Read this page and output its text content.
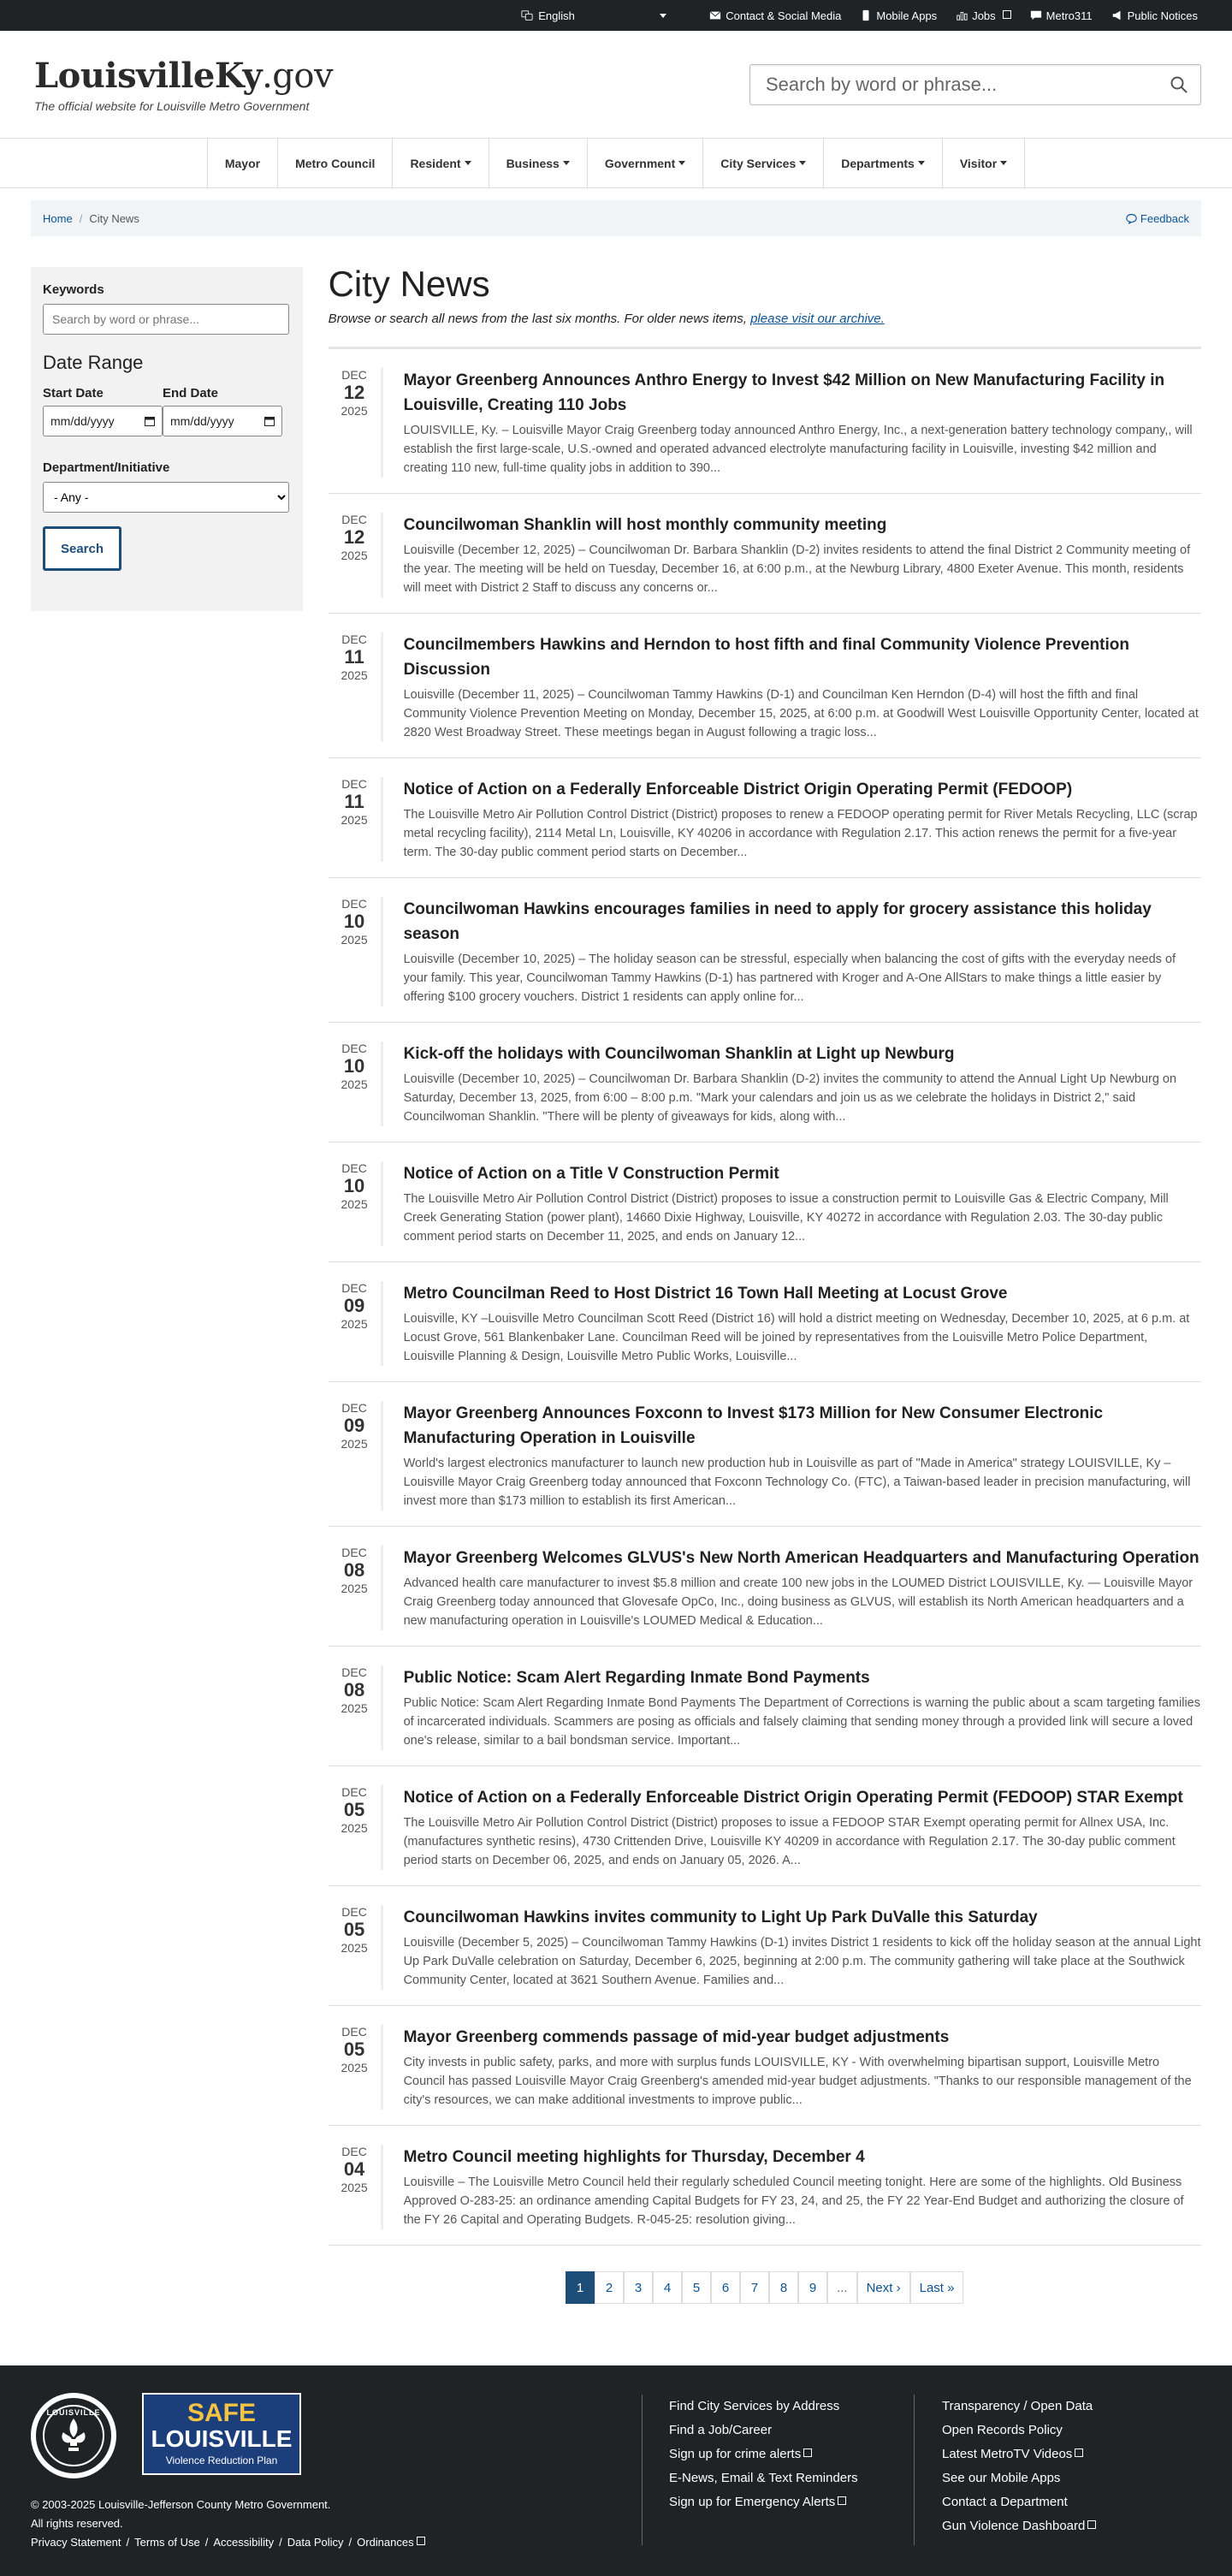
English	Contact & Social Media	Mobile Apps	Jobs	Metro311	Public Notices
LouisvilleKy.gov
The official website for Louisville Metro Government
Search by word or phrase...
Mayor	Metro Council	Resident	Business	Government	City Services	Departments	Visitor
Home / City News	Feedback
Keywords
Search by word or phrase...
Date Range
Start Date
mm/dd/yyyy
End Date
mm/dd/yyyy
Department/Initiative
- Any - Search
City News
Browse or search all news from the last six months. For older news items, please visit our archive.
DEC
12
2025
Mayor Greenberg Announces Anthro Energy to Invest $42 Million on New Manufacturing Facility in Louisville, Creating 110 Jobs

LOUISVILLE, Ky. – Louisville Mayor Craig Greenberg today announced Anthro Energy, Inc., a next-generation battery technology company,, will establish the first large-scale, U.S.-owned and operated advanced electrolyte manufacturing facility in Louisville, investing $42 million and creating 110 new, full-time quality jobs in addition to 390...

DEC
12
2025
Councilwoman Shanklin will host monthly community meeting

Louisville (December 12, 2025) – Councilwoman Dr. Barbara Shanklin (D-2) invites residents to attend the final District 2 Community meeting of the year. The meeting will be held on Tuesday, December 16, at 6:00 p.m., at the Newburg Library, 4800 Exeter Avenue. This month, residents will meet with District 2 Staff to discuss any concerns or...

DEC
11
2025
Councilmembers Hawkins and Herndon to host fifth and final Community Violence Prevention Discussion

Louisville (December 11, 2025) – Councilwoman Tammy Hawkins (D-1) and Councilman Ken Herndon (D-4) will host the fifth and final Community Violence Prevention Meeting on Monday, December 15, 2025, at 6:00 p.m. at Goodwill West Louisville Opportunity Center, located at 2820 West Broadway Street. These meetings began in August following a tragic loss...

DEC
11
2025
Notice of Action on a Federally Enforceable District Origin Operating Permit (FEDOOP)

The Louisville Metro Air Pollution Control District (District) proposes to renew a FEDOOP operating permit for River Metals Recycling, LLC (scrap metal recycling facility), 2114 Metal Ln, Louisville, KY 40206 in accordance with Regulation 2.17. This action renews the permit for a five-year term. The 30-day public comment period starts on December...

DEC
10
2025
Councilwoman Hawkins encourages families in need to apply for grocery assistance this holiday season

Louisville (December 10, 2025) – The holiday season can be stressful, especially when balancing the cost of gifts with the everyday needs of your family. This year, Councilwoman Tammy Hawkins (D-1) has partnered with Kroger and A-One AllStars to make things a little easier by offering $100 grocery vouchers. District 1 residents can apply online for...

DEC
10
2025
Kick-off the holidays with Councilwoman Shanklin at Light up Newburg

Louisville (December 10, 2025) – Councilwoman Dr. Barbara Shanklin (D-2) invites the community to attend the Annual Light Up Newburg on Saturday, December 13, 2025, from 6:00 – 8:00 p.m. "Mark your calendars and join us as we celebrate the holidays in District 2," said Councilwoman Shanklin. "There will be plenty of giveaways for kids, along with...

DEC
10
2025
Notice of Action on a Title V Construction Permit

The Louisville Metro Air Pollution Control District (District) proposes to issue a construction permit to Louisville Gas & Electric Company, Mill Creek Generating Station (power plant), 14660 Dixie Highway, Louisville, KY 40272 in accordance with Regulation 2.03. The 30-day public comment period starts on December 11, 2025, and ends on January 12...

DEC
09
2025
Metro Councilman Reed to Host District 16 Town Hall Meeting at Locust Grove

Louisville, KY –Louisville Metro Councilman Scott Reed (District 16) will hold a district meeting on Wednesday, December 10, 2025, at 6 p.m. at Locust Grove, 561 Blankenbaker Lane. Councilman Reed will be joined by representatives from the Louisville Metro Police Department, Louisville Planning & Design, Louisville Metro Public Works, Louisville...

DEC
09
2025
Mayor Greenberg Announces Foxconn to Invest $173 Million for New Consumer Electronic Manufacturing Operation in Louisville

World's largest electronics manufacturer to launch new production hub in Louisville as part of "Made in America" strategy LOUISVILLE, Ky – Louisville Mayor Craig Greenberg today announced that Foxconn Technology Co. (FTC), a Taiwan-based leader in precision manufacturing, will invest more than $173 million to establish its first American...

DEC
08
2025
Mayor Greenberg Welcomes GLVUS's New North American Headquarters and Manufacturing Operation

Advanced health care manufacturer to invest $5.8 million and create 100 new jobs in the LOUMED District LOUISVILLE, Ky. — Louisville Mayor Craig Greenberg today announced that Glovesafe OpCo, Inc., doing business as GLVUS, will establish its North American headquarters and a new manufacturing operation in Louisville's LOUMED Medical & Education...

DEC
08
2025
Public Notice: Scam Alert Regarding Inmate Bond Payments

Public Notice: Scam Alert Regarding Inmate Bond Payments The Department of Corrections is warning the public about a scam targeting families of incarcerated individuals. Scammers are posing as officials and falsely claiming that sending money through a provided link will secure a loved one's release, similar to a bail bondsman service. Important...

DEC
05
2025
Notice of Action on a Federally Enforceable District Origin Operating Permit (FEDOOP) STAR Exempt

The Louisville Metro Air Pollution Control District (District) proposes to issue a FEDOOP STAR Exempt operating permit for Allnex USA, Inc. (manufactures synthetic resins), 4730 Crittenden Drive, Louisville KY 40209 in accordance with Regulation 2.17. The 30-day public comment period starts on December 06, 2025, and ends on January 05, 2026. A...

DEC
05
2025
Councilwoman Hawkins invites community to Light Up Park DuValle this Saturday

Louisville (December 5, 2025) – Councilwoman Tammy Hawkins (D-1) invites District 1 residents to kick off the holiday season at the annual Light Up Park DuValle celebration on Saturday, December 6, 2025, beginning at 2:00 p.m. The community gathering will take place at the Southwick Community Center, located at 3621 Southern Avenue. Families and...

DEC
05
2025
Mayor Greenberg commends passage of mid-year budget adjustments

City invests in public safety, parks, and more with surplus funds LOUISVILLE, KY - With overwhelming bipartisan support, Louisville Metro Council has passed Louisville Mayor Craig Greenberg's amended mid-year budget adjustments. "Thanks to our responsible management of the city's resources, we can make additional investments to improve public...

DEC
04
2025
Metro Council meeting highlights for Thursday, December 4

Louisville – The Louisville Metro Council held their regularly scheduled Council meeting tonight. Here are some of the highlights. Old Business Approved O-283-25: an ordinance amending Capital Budgets for FY 23, 24, and 25, the FY 22 Year-End Budget and authorizing the closure of the FY 26 Capital and Operating Budgets. R-045-25: resolution giving...

1	2	3	4	5	6	7	8	9	...	Next ›	Last »
LOUISVILLE	SAFE
LOUISVILLE
Violence Reduction Plan
© 2003-2025 Louisville-Jefferson County Metro Government.
All rights reserved.
Privacy Statement / Terms of Use / Accessibility / Data Policy / Ordinances
Find City Services by Address
Find a Job/Career
Sign up for crime alerts
E-News, Email & Text Reminders
Sign up for Emergency Alerts
Transparency / Open Data
Open Records Policy
Latest MetroTV Videos
See our Mobile Apps
Contact a Department
Gun Violence Dashboard
